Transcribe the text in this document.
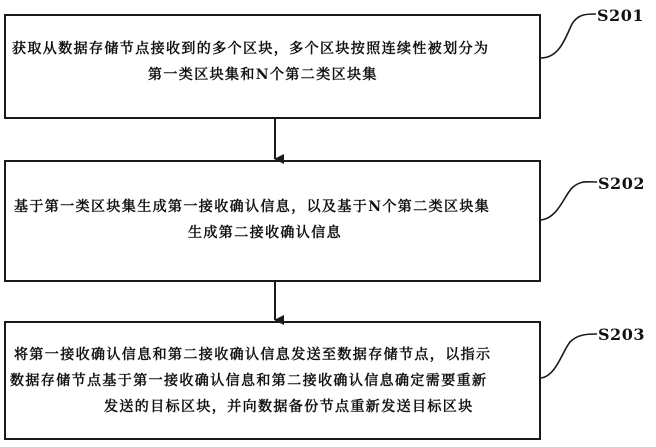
获取从数据存储节点接收到的多个区块，多个区块按照连续性被划分为

第一类区块集和N个第二类区块集

基于第一类区块集生成第一接收确认信息，以及基于N个第二类区块集

生成第二接收确认信息

将第一接收确认信息和第二接收确认信息发送至数据存储节点，以指示

数据存储节点基于第一接收确认信息和第二接收确认信息确定需要重新

发送的目标区块，并向数据备份节点重新发送目标区块

S201
S202
S203
